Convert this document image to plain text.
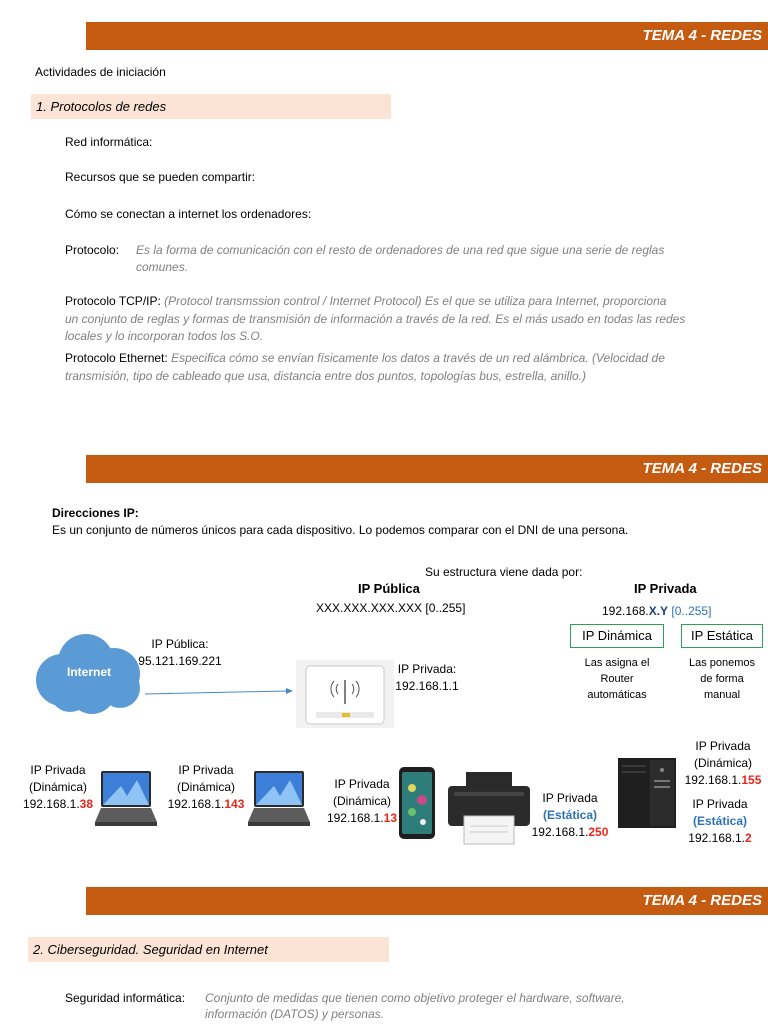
TEMA 4 - REDES
Actividades de iniciación
1. Protocolos de redes
Red informática:
Recursos que se pueden compartir:
Cómo se conectan a internet los ordenadores:
Protocolo: Es la forma de comunicación con el resto de ordenadores de una red que sigue una serie de reglas
comunes.
Protocolo TCP/IP: (Protocol transmssion control / Internet Protocol) Es el que se utiliza para Internet, proporciona
un conjunto de reglas y formas de transmisión de información a través de la red. Es el más usado en todas las redes
locales y lo incorporan todos los S.O.
Protocolo Ethernet: Especifica cómo se envían físicamente los datos a través de un red alámbrica. (Velocidad de
transmisión, tipo de cableado que usa, distancia entre dos puntos, topologías bus, estrella, anillo.)
TEMA 4 - REDES
Direcciones IP:
Es un conjunto de números únicos para cada dispositivo. Lo podemos comparar con el DNI de una persona.
Su estructura viene dada por:
IP Pública
XXX.XXX.XXX.XXX [0..255]
IP Privada
192.168.X.Y [0..255]
IP Dinámica	IP Estática
Las asigna el
Router
automáticas
Las ponemos
de forma
manual
Internet
IP Pública:
95.121.169.221
IP Privada:
192.168.1.1
IP Privada
(Dinámica)
192.168.1.38
IP Privada
(Dinámica)
192.168.1.143
IP Privada
(Dinámica)
192.168.1.13
IP Privada
(Estática)
192.168.1.250
IP Privada
(Dinámica)
192.168.1.155
IP Privada
(Estática)
192.168.1.2
TEMA 4 - REDES
2. Ciberseguridad. Seguridad en Internet
Seguridad informática: Conjunto de medidas que tienen como objetivo proteger el hardware, software,
información (DATOS) y personas.
